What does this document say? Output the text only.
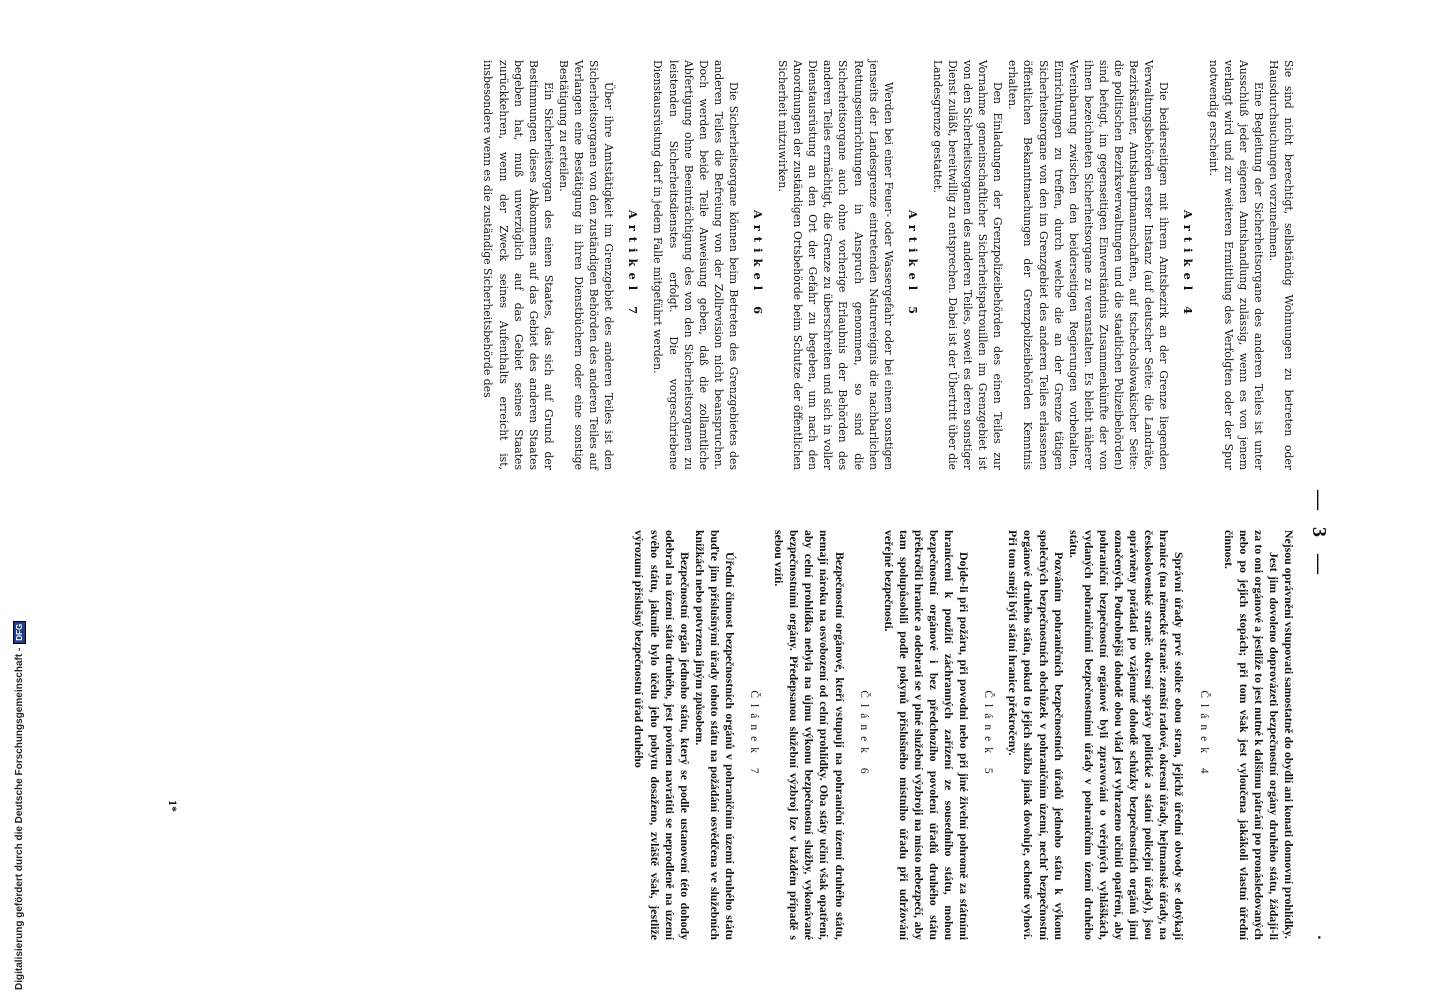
— 3 —
.

Sie sind nicht berechtigt, selbständig Wohnungen zu betreten oder Hausdurchsuchungen vorzunehmen.

Eine Begleitung der Sicherheitsorgane des anderen Teiles ist unter Ausschluß jeder eigenen Amtshandlung zulässig, wenn es von jenem verlangt wird und zur weiteren Ermittlung des Verfolgten oder der Spur notwendig erscheint.

Artikel 4

Die beiderseitigen mit ihrem Amtsbezirk an der Grenze liegenden Verwaltungsbehörden erster Instanz (auf deutscher Seite: die Landräte, Bezirksämter, Amtshauptmannschaften, auf tschechoslowakischer Seite: die politischen Bezirksverwaltungen und die staatlichen Polizeibehörden) sind befugt, im gegenseitigen Einverständnis Zusammenkünfte der von ihnen bezeichneten Sicherheitsorgane zu veranstalten. Es bleibt näherer Vereinbarung zwischen den beiderseitigen Regierungen vorbehalten, Einrichtungen zu treffen, durch welche die an der Grenze tätigen Sicherheitsorgane von den im Grenzgebiet des anderen Teiles erlassenen öffentlichen Bekanntmachungen der Grenzpolizeibehörden Kenntnis erhalten.

Den Einladungen der Grenzpolizeibehörden des einen Teiles zur Vornahme gemeinschaftlicher Sicherheitspatrouillen im Grenzgebiet ist von den Sicherheitsorganen des anderen Teiles, soweit es deren sonstiger Dienst zuläßt, bereitwillig zu entsprechen. Dabei ist der Übertritt über die Landesgrenze gestattet.

Artikel 5

Werden bei einer Feuer- oder Wassergefahr oder bei einem sonstigen jenseits der Landesgrenze eintretenden Naturereignis die nachbarlichen Rettungseinrichtungen in Anspruch genommen, so sind die Sicherheitsorgane auch ohne vorherige Erlaubnis der Behörden des anderen Teiles ermächtigt, die Grenze zu überschreiten und sich in voller Dienstausrüstung an den Ort der Gefahr zu begeben, um nach den Anordnungen der zuständigen Ortsbehörde beim Schutze der öffentlichen Sicherheit mitzuwirken.

Artikel 6

Die Sicherheitsorgane können beim Betreten des Grenzgebietes des anderen Teiles die Befreiung von der Zollrevision nicht beanspruchen. Doch werden beide Teile Anweisung geben, daß die zollamtliche Abfertigung ohne Beeinträchtigung des von den Sicherheitsorganen zu leistenden Sicherheitsdienstes erfolgt. Die vorgeschriebene Dienstausrüstung darf in jedem Falle mitgeführt werden.

Artikel 7

Über ihre Amtstätigkeit im Grenzgebiet des anderen Teiles ist den Sicherheitsorganen von den zuständigen Behörden des anderen Teiles auf Verlangen eine Bestätigung in ihren Dienstbüchern oder eine sonstige Bestätigung zu erteilen.

Ein Sicherheitsorgan des einen Staates, das sich auf Grund der Bestimmungen dieses Abkommens auf das Gebiet des anderen Staates begeben hat, muß unverzüglich auf das Gebiet seines Staates zurückkehren, wenn der Zweck seines Aufenthalts erreicht ist, insbesondere wenn es die zuständige Sicherheitsbehörde des

Nejsou oprávněni vstupovati samostatně do obydlí ani konati domovní prohlídky.

Jest jim dovoleno doprovázeti bezpečnostní orgány druhého státu, žádají-li za to oni orgánové a jestliže to jest nutné k dalšímu pátrání po pronásledovaných nebo po jejich stopách; při tom však jest vyloučena jakákoli vlastní úřední činnost.

Článek 4

Správní úřady prvé stolice obou stran, jejichž úřední obvody se dotýkají hranice (na německé straně: zemští radové, okresní úřady, hejtmanské úřady, na československé straně: okresní správy politické a státní policejní úřady), jsou oprávněny pořádati po vzájemné dohodě schůzky bezpečnostních orgánů jimi označených. Podrobnější dohodě obou vlád jest vyhrazeno učiniti opatření, aby pohraniční bezpečnostní orgánové byli zpravováni o veřejných vyhláškách, vydaných pohraničními bezpečnostními úřady v pohraničním území druhého státu.

Pozváním pohraničních bezpečnostních úřadů jednoho státu k výkonu společných bezpečnostních obchůzek v pohraničním území, nechť bezpečnostní orgánové druhého státu, pokud to jejich služba jinak dovoluje, ochotně vyhoví. Při tom smějí býti státní hranice překročeny.

Článek 5

Dojde-li při požáru, při povodni nebo při jiné živelní pohromě za státními hranicemi k použití záchranných zařízení ze sousedního státu, mohou bezpečnostní orgánové i bez předchozího povolení úřadů druhého státu překročiti hranice a odebrati se v plné služební výzbroji na místo nebezpečí, aby tam spolupůsobili podle pokynů příslušného místního úřadu při udržování veřejné bezpečnosti.

Článek 6

Bezpečnostní orgánové, kteří vstupují na pohraniční území druhého státu, nemají nároku na osvobození od celní prohlídky. Oba státy učiní však opatření, aby celní prohlídka nebyla na újmu výkonu bezpečnostní služby, vykonávané bezpečnostními orgány. Předepsanou služební výzbroj lze v každém případě s sebou vzíti.

Článek 7

Úřední činnost bezpečnostních orgánů v pohraničním území druhého státu buďte jim příslušnými úřady tohoto státu na požádání osvědčena ve služebních knížkách nebo potvrzena jiným způsobem.

Bezpečnostní orgán jednoho státu, který se podle ustanovení této dohody odebral na území státu druhého, jest povinen navrátiti se neprodleně na území svého státu, jakmile bylo účelu jeho pobytu dosaženo, zvláště však, jestliže výrozumí příslušný bezpečnostní úřad druhého

1*
Digitalisierung gefördert durch die Deutsche Forschungsgemeinschaft -
DFG
